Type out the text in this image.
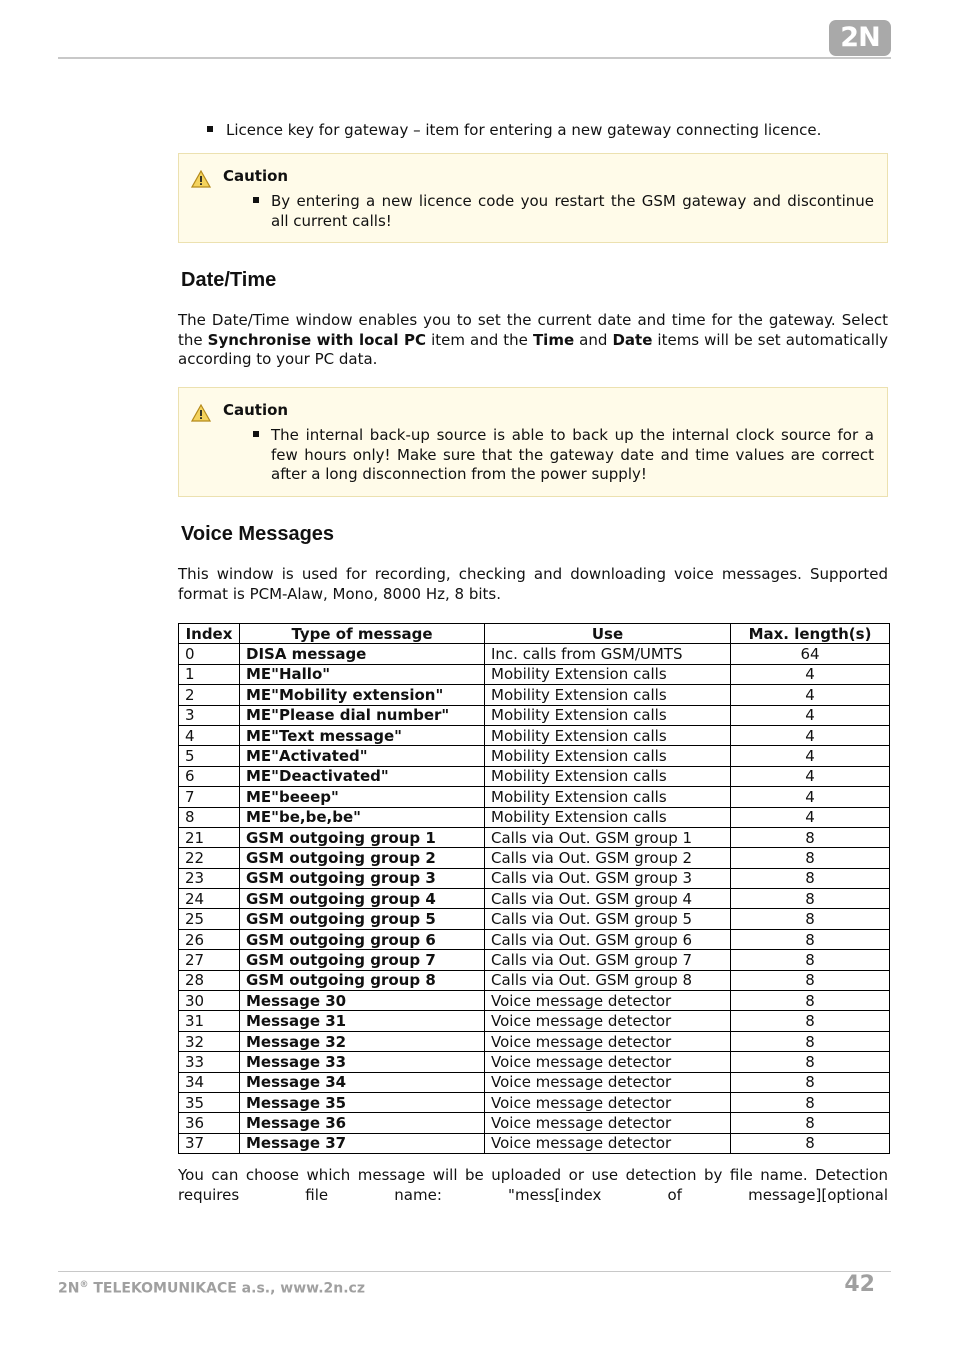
2N
Licence key for gateway – item for entering a new gateway connecting licence.
Caution
By entering a new licence code you restart the GSM gateway and discontinue all current calls!
Date/Time
The Date/Time window enables you to set the current date and time for the gateway. Select the Synchronise with local PC item and the Time and Date items will be set automatically according to your PC data.
Caution
The internal back-up source is able to back up the internal clock source for a few hours only! Make sure that the gateway date and time values are correct after a long disconnection from the power supply!
Voice Messages
This window is used for recording, checking and downloading voice messages. Supported format is PCM-Alaw, Mono, 8000 Hz, 8 bits.
Index	Type of message	Use	Max. length(s)
0	DISA message	Inc. calls from GSM/UMTS	64
1	ME"Hallo"	Mobility Extension calls	4
2	ME"Mobility extension"	Mobility Extension calls	4
3	ME"Please dial number"	Mobility Extension calls	4
4	ME"Text message"	Mobility Extension calls	4
5	ME"Activated"	Mobility Extension calls	4
6	ME"Deactivated"	Mobility Extension calls	4
7	ME"beeep"	Mobility Extension calls	4
8	ME"be,be,be"	Mobility Extension calls	4
21	GSM outgoing group 1	Calls via Out. GSM group 1	8
22	GSM outgoing group 2	Calls via Out. GSM group 2	8
23	GSM outgoing group 3	Calls via Out. GSM group 3	8
24	GSM outgoing group 4	Calls via Out. GSM group 4	8
25	GSM outgoing group 5	Calls via Out. GSM group 5	8
26	GSM outgoing group 6	Calls via Out. GSM group 6	8
27	GSM outgoing group 7	Calls via Out. GSM group 7	8
28	GSM outgoing group 8	Calls via Out. GSM group 8	8
30	Message 30	Voice message detector	8
31	Message 31	Voice message detector	8
32	Message 32	Voice message detector	8
33	Message 33	Voice message detector	8
34	Message 34	Voice message detector	8
35	Message 35	Voice message detector	8
36	Message 36	Voice message detector	8
37	Message 37	Voice message detector	8
You can choose which message will be uploaded or use detection by file name. Detection requires file name: "mess[index of message][optional
2N® TELEKOMUNIKACE a.s., www.2n.cz	42
